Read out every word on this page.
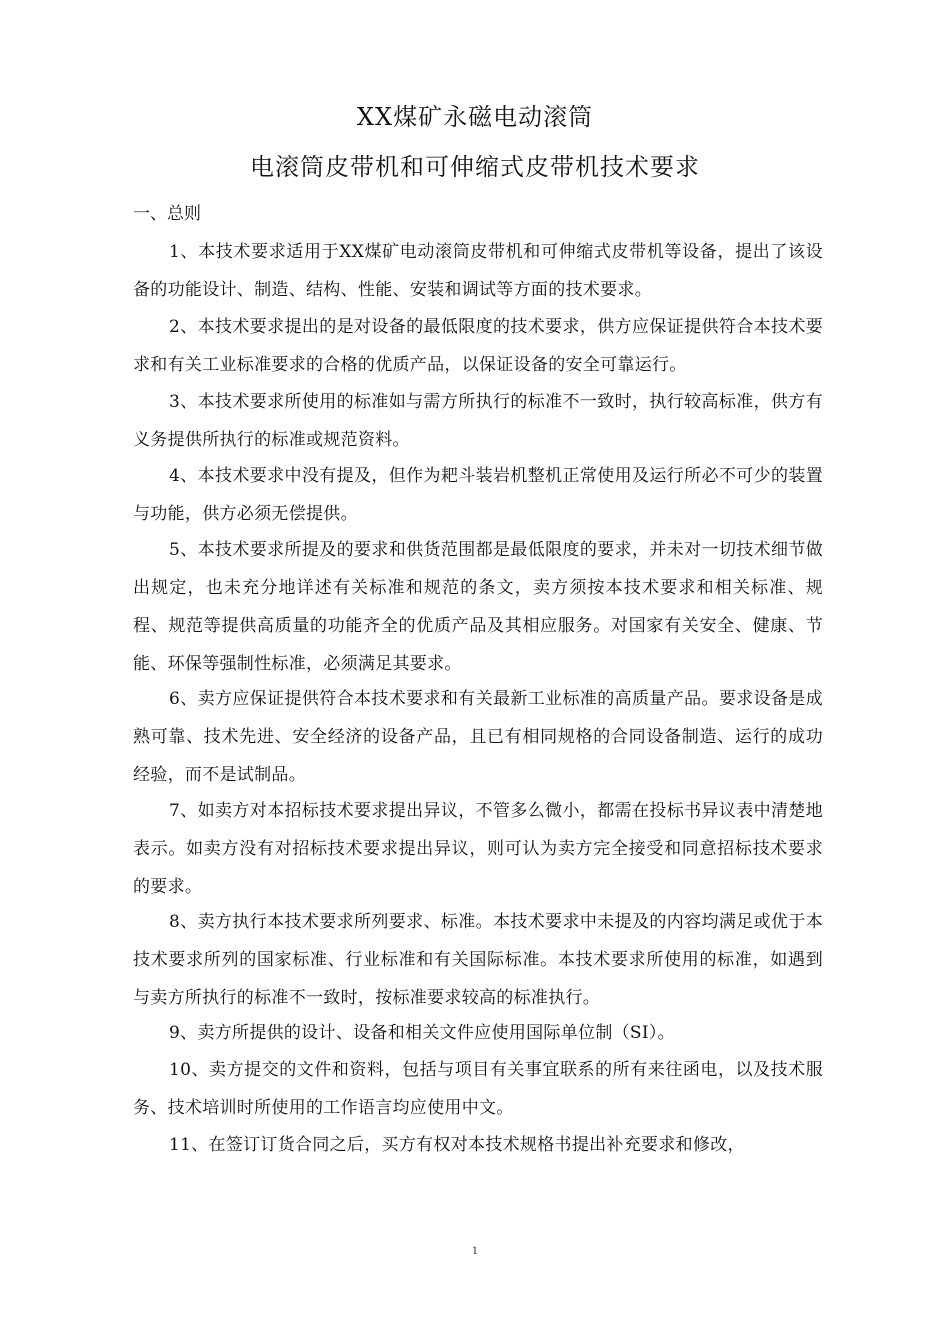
XX煤矿永磁电动滚筒
电滚筒皮带机和可伸缩式皮带机技术要求

一、总则

1、本技术要求适用于XX煤矿电动滚筒皮带机和可伸缩式皮带机等设备，提出了该设备的功能设计、制造、结构、性能、安装和调试等方面的技术要求。

2、本技术要求提出的是对设备的最低限度的技术要求，供方应保证提供符合本技术要求和有关工业标准要求的合格的优质产品，以保证设备的安全可靠运行。

3、本技术要求所使用的标准如与需方所执行的标准不一致时，执行较高标准，供方有义务提供所执行的标准或规范资料。

4、本技术要求中没有提及，但作为耙斗装岩机整机正常使用及运行所必不可少的装置与功能，供方必须无偿提供。

5、本技术要求所提及的要求和供货范围都是最低限度的要求，并未对一切技术细节做出规定，也未充分地详述有关标准和规范的条文，卖方须按本技术要求和相关标准、规程、规范等提供高质量的功能齐全的优质产品及其相应服务。对国家有关安全、健康、节能、环保等强制性标准，必须满足其要求。

6、卖方应保证提供符合本技术要求和有关最新工业标准的高质量产品。要求设备是成熟可靠、技术先进、安全经济的设备产品，且已有相同规格的合同设备制造、运行的成功经验，而不是试制品。

7、如卖方对本招标技术要求提出异议，不管多么微小，都需在投标书异议表中清楚地表示。如卖方没有对招标技术要求提出异议，则可认为卖方完全接受和同意招标技术要求的要求。

8、卖方执行本技术要求所列要求、标准。本技术要求中未提及的内容均满足或优于本技术要求所列的国家标准、行业标准和有关国际标准。本技术要求所使用的标准，如遇到与卖方所执行的标准不一致时，按标准要求较高的标准执行。

9、卖方所提供的设计、设备和相关文件应使用国际单位制（SI）。

10、卖方提交的文件和资料，包括与项目有关事宜联系的所有来往函电，以及技术服务、技术培训时所使用的工作语言均应使用中文。

11、在签订订货合同之后，买方有权对本技术规格书提出补充要求和修改，

1
